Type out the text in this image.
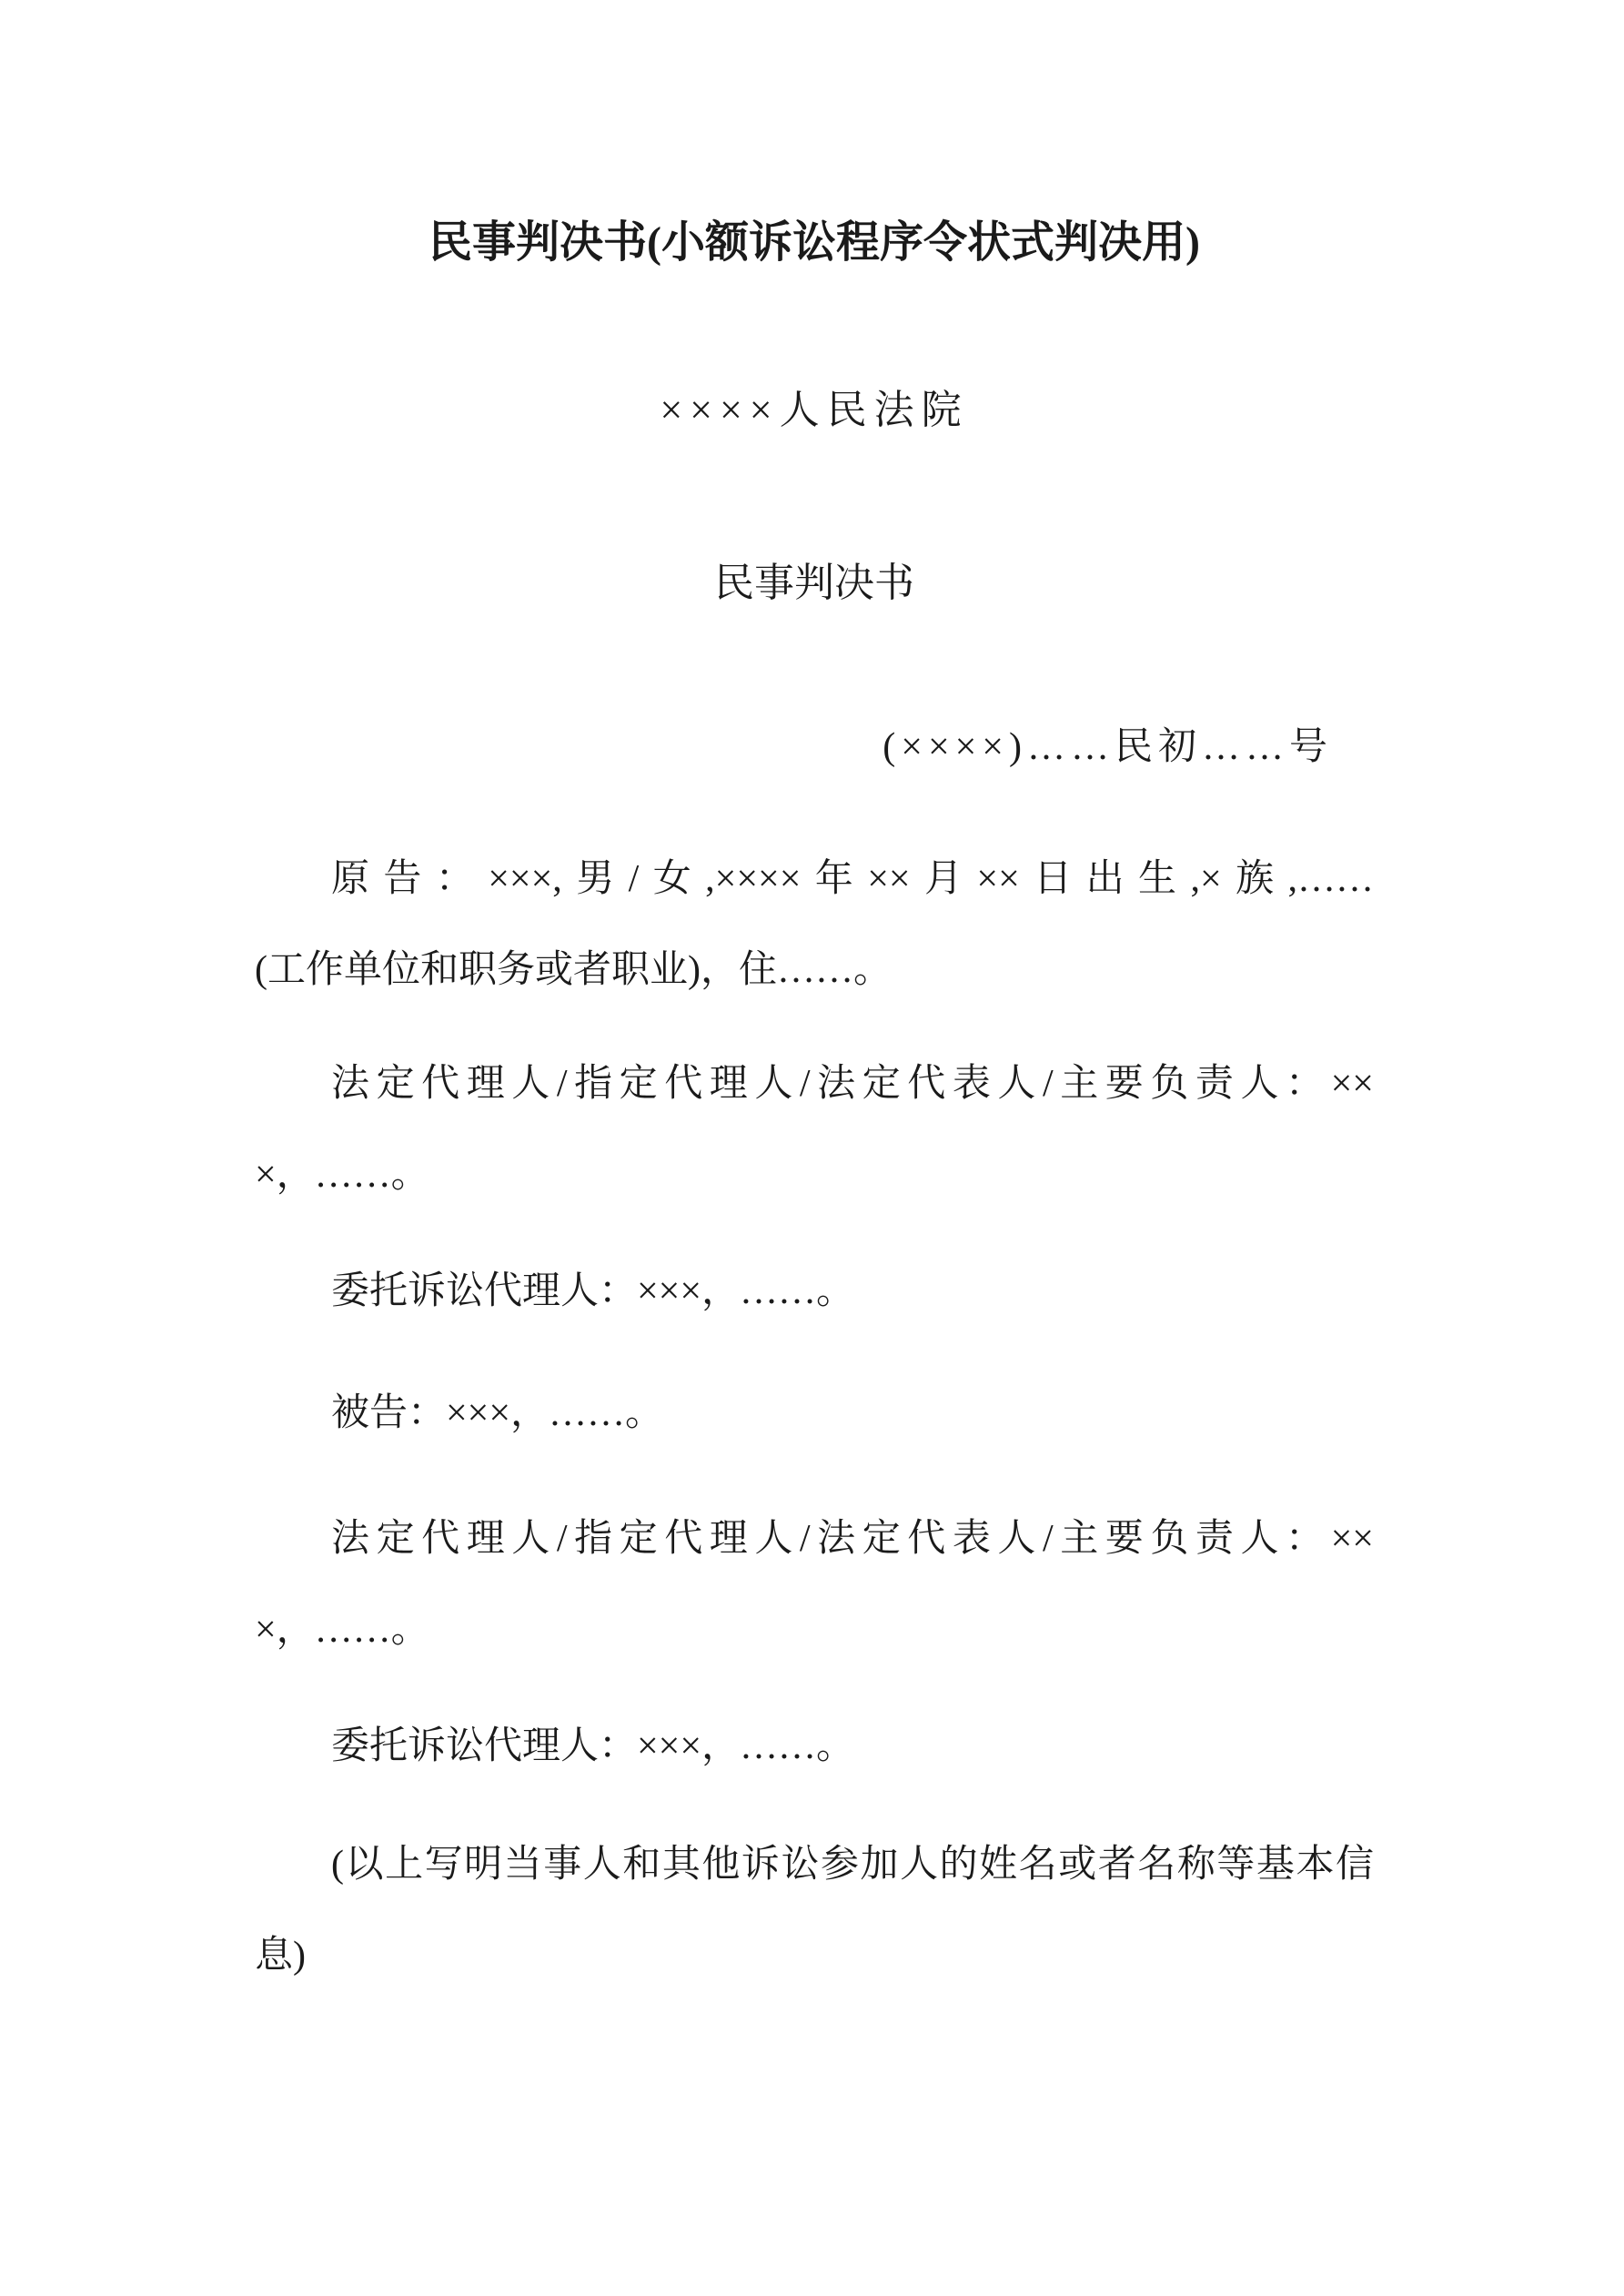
民事判决书(小额诉讼程序令状式判决用)
××××人民法院
民事判决书
(××××)……民初……号
原告：×××,男/女,××××年××月××日出生,×族,……
(工作单位和职务或者职业)，住……。
法定代理人/指定代理人/法定代表人/主要负责人：××
×，……。
委托诉讼代理人：×××，……。
被告：×××，……。
法定代理人/指定代理人/法定代表人/主要负责人：××
×，……。
委托诉讼代理人：×××，……。
(以上写明当事人和其他诉讼参加人的姓名或者名称等基本信
息)
